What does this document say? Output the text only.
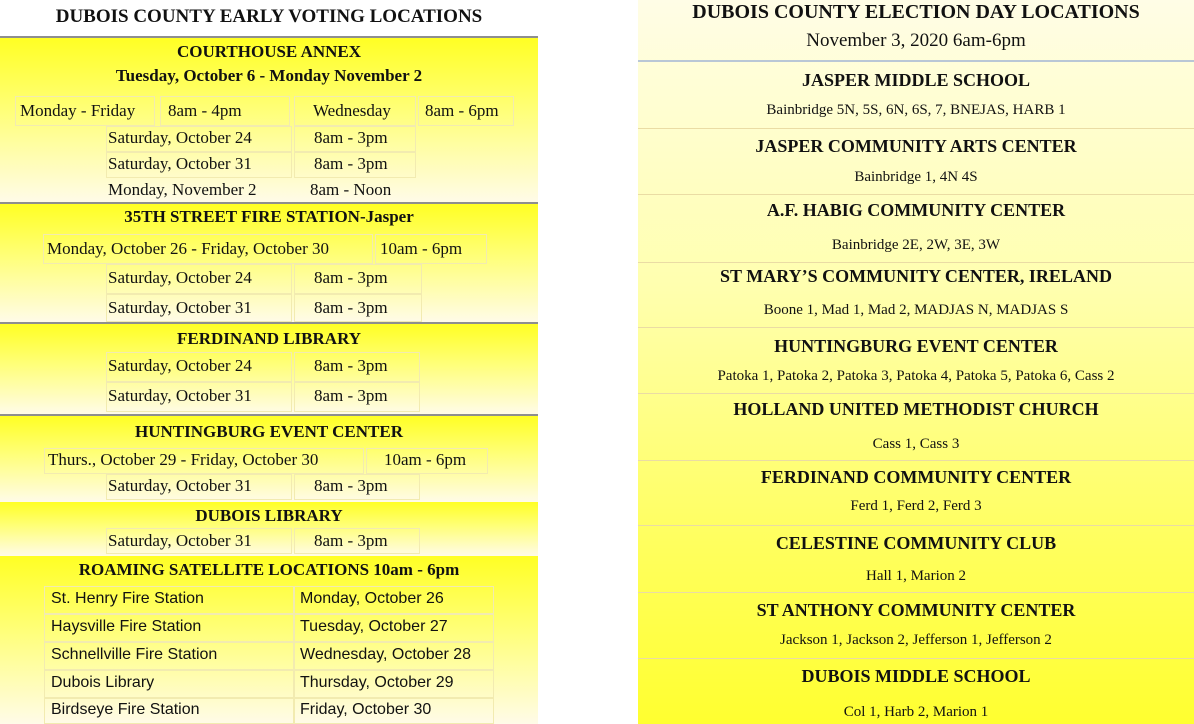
DUBOIS COUNTY EARLY VOTING LOCATIONS
COURTHOUSE ANNEX
Tuesday, October 6 - Monday November 2
Monday - Friday 8am - 4pm	Wednesday 8am - 6pm
Saturday, October 24	8am - 3pm
Saturday, October 31	8am - 3pm
Monday, November 2	8am - Noon
35TH STREET FIRE STATION-Jasper
Monday, October 26 - Friday, October 30	10am - 6pm
Saturday, October 24	8am - 3pm
Saturday, October 31	8am - 3pm
FERDINAND LIBRARY
Saturday, October 24	8am - 3pm
Saturday, October 31	8am - 3pm
HUNTINGBURG EVENT CENTER
Thurs., October 29 - Friday, October 30	10am - 6pm
Saturday, October 31	8am - 3pm
DUBOIS LIBRARY
Saturday, October 31	8am - 3pm
ROAMING SATELLITE LOCATIONS 10am - 6pm
St. Henry Fire Station	Monday, October 26
Haysville Fire Station	Tuesday, October 27
Schnellville Fire Station	Wednesday, October 28
Dubois Library	Thursday, October 29
Birdseye Fire Station	Friday, October 30
DUBOIS COUNTY ELECTION DAY LOCATIONS
November 3, 2020 6am-6pm
JASPER MIDDLE SCHOOL
Bainbridge 5N, 5S, 6N, 6S, 7, BNEJAS, HARB 1
JASPER COMMUNITY ARTS CENTER
Bainbridge 1, 4N 4S
A.F. HABIG COMMUNITY CENTER
Bainbridge 2E, 2W, 3E, 3W
ST MARY’S COMMUNITY CENTER, IRELAND
Boone 1, Mad 1, Mad 2, MADJAS N, MADJAS S
HUNTINGBURG EVENT CENTER
Patoka 1, Patoka 2, Patoka 3, Patoka 4, Patoka 5, Patoka 6, Cass 2
HOLLAND UNITED METHODIST CHURCH
Cass 1, Cass 3
FERDINAND COMMUNITY CENTER
Ferd 1, Ferd 2, Ferd 3
CELESTINE COMMUNITY CLUB
Hall 1, Marion 2
ST ANTHONY COMMUNITY CENTER
Jackson 1, Jackson 2, Jefferson 1, Jefferson 2
DUBOIS MIDDLE SCHOOL
Col 1, Harb 2, Marion 1
